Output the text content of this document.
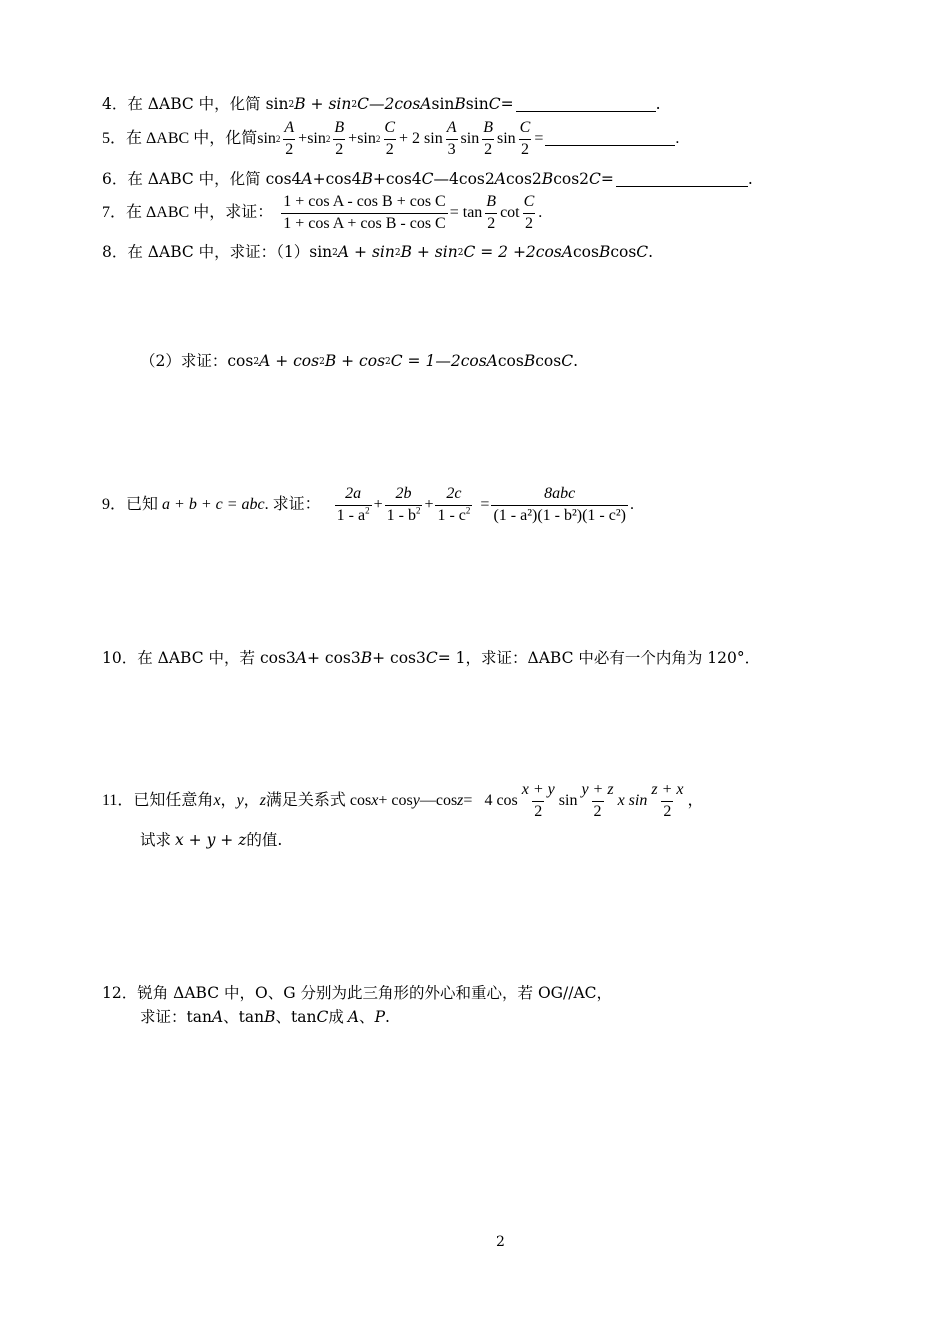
4． 在 ΔABC 中，化简 sin 2 B + sin 2 C—2cos A sin B sin C =	.
5． 在 ΔABC 中，化简 $\sin 2 \frac{A}{2} + \sin 2 \frac{B}{2} + \sin 2 \frac{C}{2} + 2$ $\sin \frac{A}{3}$ $\sin \frac{B}{2}$ $\sin \frac{C}{2}$ =	.
6． 在 ΔABC 中，化简 cos4 A +cos4 B +cos4 C —4cos2 A cos2 B cos2 C =	.
7． 在 ΔABC 中，求证： $\frac{\text{1 + cos A - cos B + cos C}}{\text{1 + cos A + cos B - cos C}} = \tan \frac{B}{2}$ $\cot \frac{C}{2}$ .
8． 在 ΔABC 中，求证：（1）sin 2 A + sin 2 B + sin 2 C = 2 +2cos A cos B cos C .
（2）求证：cos 2 A + cos 2 B + cos 2 C = 1—2cos A cos B cos C .
9． 已知 a + b + c = abc . 求证： $\frac{2a}{1 - a^2} + \frac{2b}{1 - b^2} + \frac{2c}{1 - c^2} = \frac{\text{8abc}}{\text{(1 - a²)(1 - b²)(1 - c²)}}$ .
10． 在 ΔABC 中，若 cos3 A + cos3 B + cos3 C = 1，求证：ΔABC 中必有一个内角为 120°．
11． 已知任意角 x ， y ， z 满足关系式 cos x + cos y —cos z = 4 $\cos \frac{x + y}{2}$ $\sin \frac{y + z}{2}$ x $\sin \frac{z + x}{2}$ ，
试求 x + y + z 的值.
12． 锐角 ΔABC 中，O、G 分别为此三角形的外心和重心，若 OG//AC，
求证：tan A 、tan B 、tan C 成 A 、 P .
2
